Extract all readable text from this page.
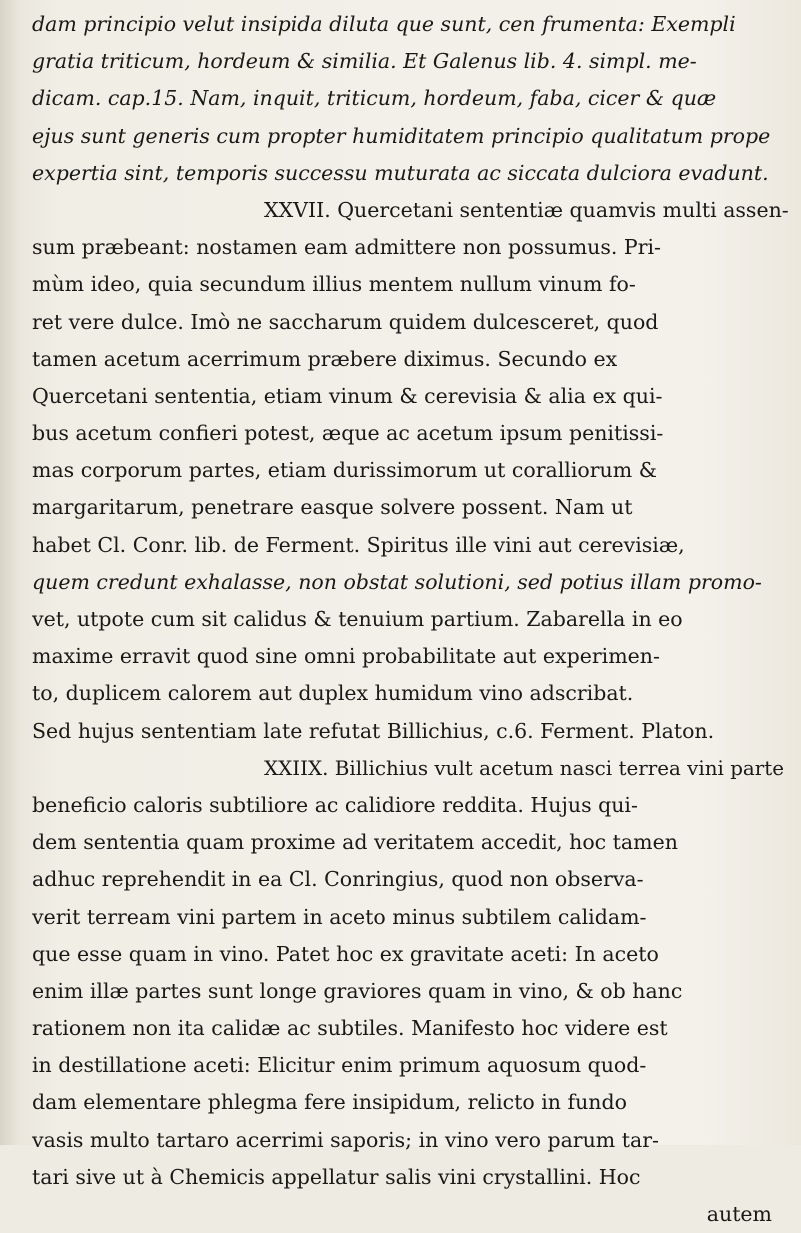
dam principio velut insipida diluta que sunt, cen frumenta: Exempli
gratia triticum, hordeum & similia. Et Galenus lib. 4. simpl. me-
dicam. cap.15. Nam, inquit, triticum, hordeum, faba, cicer & quæ
ejus sunt generis cum propter humiditatem principio qualitatum prope
expertia sint, temporis successu muturata ac siccata dulciora evadunt.
XXVII. Quercetani sententiæ quamvis multi assen-
sum præbeant: nostamen eam admittere non possumus. Pri-
mùm ideo, quia secundum illius mentem nullum vinum fo-
ret vere dulce. Imò ne saccharum quidem dulcesceret, quod
tamen acetum acerrimum præbere diximus. Secundo ex
Quercetani sententia, etiam vinum & cerevisia & alia ex qui-
bus acetum confieri potest, æque ac acetum ipsum penitissi-
mas corporum partes, etiam durissimorum ut coralliorum &
margaritarum, penetrare easque solvere possent. Nam ut
habet Cl. Conr. lib. de Ferment. Spiritus ille vini aut cerevisiæ,
quem credunt exhalasse, non obstat solutioni, sed potius illam promo-
vet, utpote cum sit calidus & tenuium partium. Zabarella in eo
maxime erravit quod sine omni probabilitate aut experimen-
to, duplicem calorem aut duplex humidum vino adscribat.
Sed hujus sententiam late refutat Billichius, c.6. Ferment. Platon.
XXIIX. Billichius vult acetum nasci terrea vini parte
beneficio caloris subtiliore ac calidiore reddita. Hujus qui-
dem sententia quam proxime ad veritatem accedit, hoc tamen
adhuc reprehendit in ea Cl. Conringius, quod non observa-
verit terream vini partem in aceto minus subtilem calidam-
que esse quam in vino. Patet hoc ex gravitate aceti: In aceto
enim illæ partes sunt longe graviores quam in vino, & ob hanc
rationem non ita calidæ ac subtiles. Manifesto hoc videre est
in destillatione aceti: Elicitur enim primum aquosum quod-
dam elementare phlegma fere insipidum, relicto in fundo
vasis multo tartaro acerrimi saporis; in vino vero parum tar-
tari sive ut à Chemicis appellatur salis vini crystallini. Hoc
autem
